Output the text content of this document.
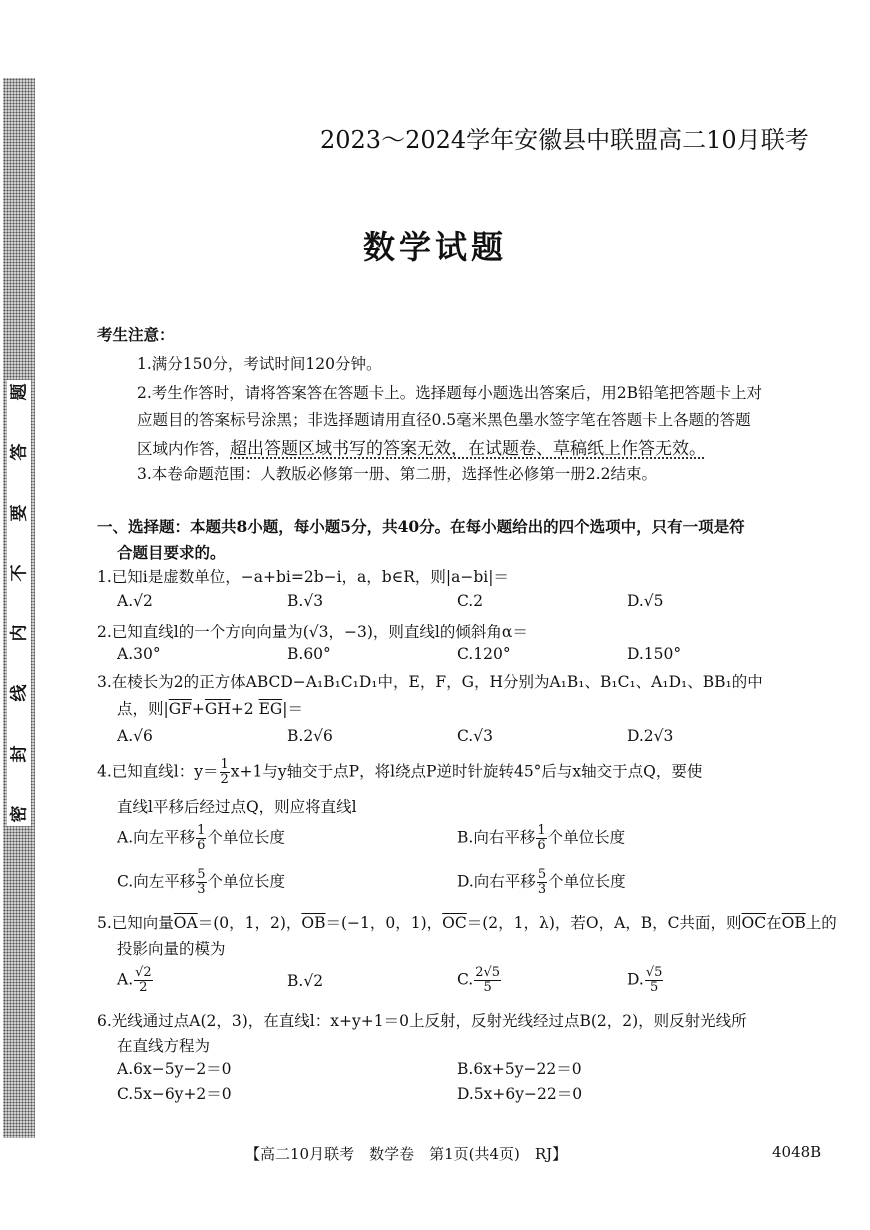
题
答
要
不
内
线
封
密
2023～2024学年安徽县中联盟高二10月联考
数学试题
考生注意：
1.满分150分，考试时间120分钟。
2.考生作答时，请将答案答在答题卡上。选择题每小题选出答案后，用2B铅笔把答题卡上对
应题目的答案标号涂黑；非选择题请用直径0.5毫米黑色墨水签字笔在答题卡上各题的答题
区域内作答，超出答题区域书写的答案无效，在试题卷、草稿纸上作答无效。
3.本卷命题范围：人教版必修第一册、第二册，选择性必修第一册2.2结束。
一、选择题：本题共8小题，每小题5分，共40分。在每小题给出的四个选项中，只有一项是符
合题目要求的。
1.已知i是虚数单位，−a+bi=2b−i，a，b∈R，则|a−bi|＝
A.√2	B.√3	C.2	D.√5
2.已知直线l的一个方向向量为(√3，−3)，则直线l的倾斜角α＝
A.30°	B.60°	C.120°	D.150°
3.在棱长为2的正方体ABCD−A₁B₁C₁D₁中，E，F，G，H分别为A₁B₁、B₁C₁、A₁D₁、BB₁的中
点，则$|\overline{GF}+\overline{GH}+2$ $\overline{EG}|=$
A.√6	B.2√6	C.√3	D.2√3
4.已知直线l：$y= \frac{1}{2} x+1$与y轴交于点P，将l绕点P逆时针旋转45°后与x轴交于点Q，要使
直线l平移后经过点Q，则应将直线l
A.向左平移 $\frac{1}{6}$ 个单位长度	B.向右平移 $\frac{1}{6}$ 个单位长度
C.向左平移 $\frac{5}{3}$ 个单位长度	D.向右平移 $\frac{5}{3}$ 个单位长度
5.已知向量$\overline{OA}=(0$，1，2)，$\overline{OB}=(-1$，0，1)，$\overline{OC}=(2$，1，λ)，若O，A，B，C共面，则$\overline{OC}$在$\overline{OB}$上的
投影向量的模为
A. $\frac{√2}{2}$	B.√2	C. $\frac{2√5}{5}$	D. $\frac{√5}{5}$
6.光线通过点A(2，3)，在直线l：x+y+1＝0上反射，反射光线经过点B(2，2)，则反射光线所
在直线方程为
A.6x−5y−2＝0	B.6x+5y−22＝0
C.5x−6y+2＝0	D.5x+6y−22＝0
【高二10月联考　数学卷　第1页(共4页)　RJ】	4048B
